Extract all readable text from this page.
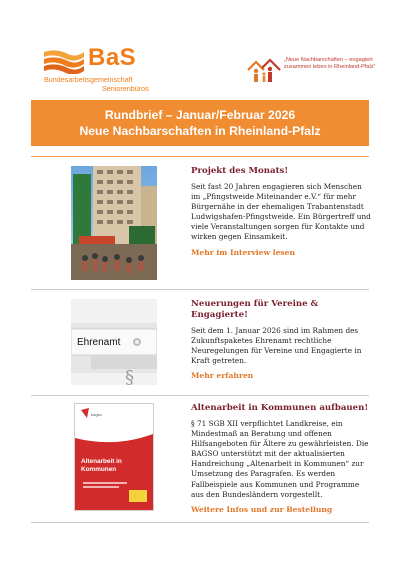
BaS
Bundesarbeitsgemeinschaft
Seniorenbüros
„Neue Nachbarschaften – engagiert zusammen leben in Rheinland-Pfalz“
Rundbrief – Januar/Februar 2026
Neue Nachbarschaften in Rheinland-Pfalz
Projekt des Monats!
Seit fast 20 Jahren engagieren sich Menschen im „Pfingstweide Miteinander e.V.“ für mehr Bürgernähe in der ehemaligen Trabantenstadt Ludwigshafen-Pfingstweide. Ein Bürgertreff und viele Veranstaltungen sorgen für Kontakte und wirken gegen Einsamkeit.
Mehr im Interview lesen
Ehrenamt
§
Neuerungen für Vereine & Engagierte!
Seit dem 1. Januar 2026 sind im Rahmen des Zukunftspaketes Ehrenamt rechtliche Neuregelungen für Vereine und Engagierte in Kraft getreten.
Mehr erfahren
bagso
Altenarbeit in Kommunen
Altenarbeit in Kommunen aufbauen!
§ 71 SGB XII verpflichtet Landkreise, ein Mindestmaß an Beratung und offenen Hilfsangeboten für Ältere zu gewährleisten. Die BAGSO unterstützt mit der aktualisierten Handreichung „Altenarbeit in Kommunen“ zur Umsetzung des Paragrafen. Es werden Fallbeispiele aus Kommunen und Programme aus den Bundesländern vorgestellt.
Weitere Infos und zur Bestellung
